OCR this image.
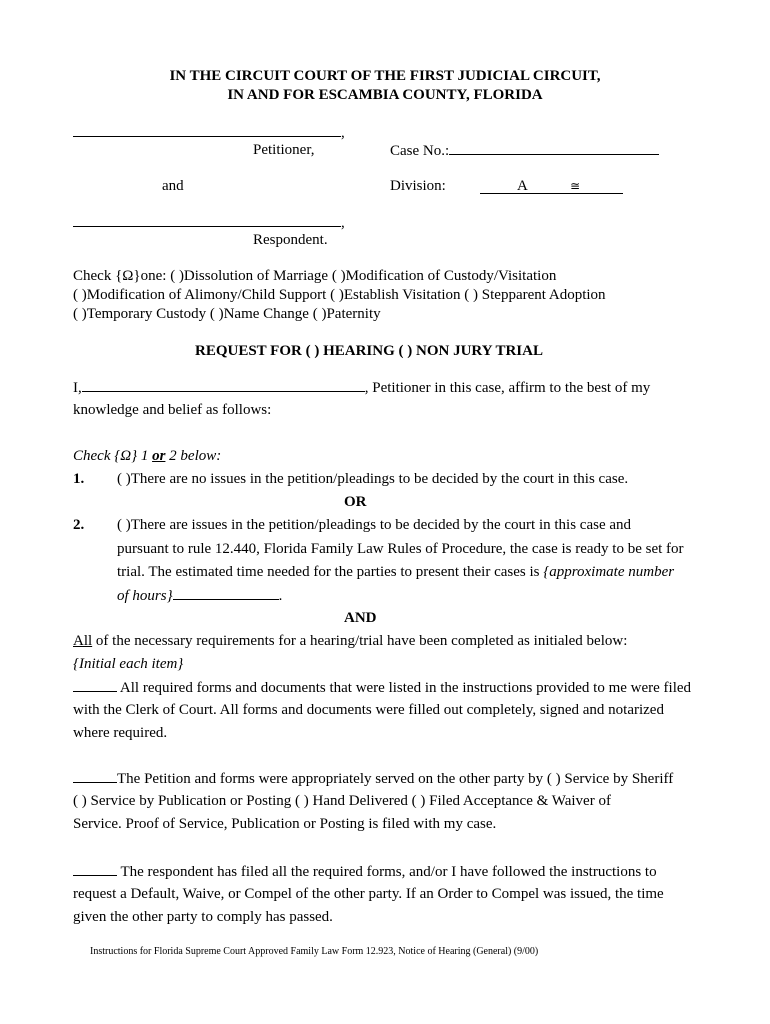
IN THE CIRCUIT COURT OF THE FIRST JUDICIAL CIRCUIT,
IN AND FOR ESCAMBIA COUNTY, FLORIDA
,
Petitioner,	Case No.:
and	Division:	A	≅
,
Respondent.
Check {Ω}one: ( )Dissolution of Marriage ( )Modification of Custody/Visitation
( )Modification of Alimony/Child Support ( )Establish Visitation ( ) Stepparent Adoption
( )Temporary Custody ( )Name Change ( )Paternity
REQUEST FOR ( ) HEARING ( ) NON JURY TRIAL
I,	, Petitioner in this case, affirm to the best of my
knowledge and belief as follows:
Check {Ω} 1 or 2 below:
1. ( )There are no issues in the petition/pleadings to be decided by the court in this case.
OR
2. ( )There are issues in the petition/pleadings to be decided by the court in this case and
pursuant to rule 12.440, Florida Family Law Rules of Procedure, the case is ready to be set for
trial. The estimated time needed for the parties to present their cases is {approximate number
of hours}	.
AND
All of the necessary requirements for a hearing/trial have been completed as initialed below:
{Initial each item}
All required forms and documents that were listed in the instructions provided to me were filed
with the Clerk of Court. All forms and documents were filled out completely, signed and notarized
where required.
The Petition and forms were appropriately served on the other party by ( ) Service by Sheriff
( ) Service by Publication or Posting ( ) Hand Delivered ( ) Filed Acceptance & Waiver of
Service. Proof of Service, Publication or Posting is filed with my case.
The respondent has filed all the required forms, and/or I have followed the instructions to
request a Default, Waive, or Compel of the other party. If an Order to Compel was issued, the time
given the other party to comply has passed.
Instructions for Florida Supreme Court Approved Family Law Form 12.923, Notice of Hearing (General) (9/00)
